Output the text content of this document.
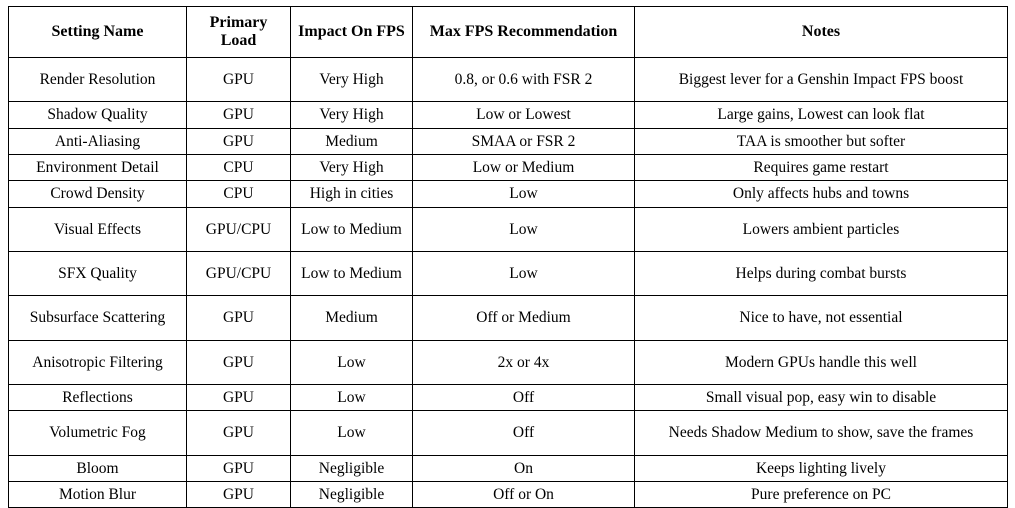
Setting Name	Primary Load	Impact On FPS	Max FPS Recommendation	Notes
Render Resolution	GPU	Very High	0.8, or 0.6 with FSR 2	Biggest lever for a Genshin Impact FPS boost
Shadow Quality	GPU	Very High	Low or Lowest	Large gains, Lowest can look flat
Anti-Aliasing	GPU	Medium	SMAA or FSR 2	TAA is smoother but softer
Environment Detail	CPU	Very High	Low or Medium	Requires game restart
Crowd Density	CPU	High in cities	Low	Only affects hubs and towns
Visual Effects	GPU/CPU	Low to Medium	Low	Lowers ambient particles
SFX Quality	GPU/CPU	Low to Medium	Low	Helps during combat bursts
Subsurface Scattering	GPU	Medium	Off or Medium	Nice to have, not essential
Anisotropic Filtering	GPU	Low	2x or 4x	Modern GPUs handle this well
Reflections	GPU	Low	Off	Small visual pop, easy win to disable
Volumetric Fog	GPU	Low	Off	Needs Shadow Medium to show, save the frames
Bloom	GPU	Negligible	On	Keeps lighting lively
Motion Blur	GPU	Negligible	Off or On	Pure preference on PC
